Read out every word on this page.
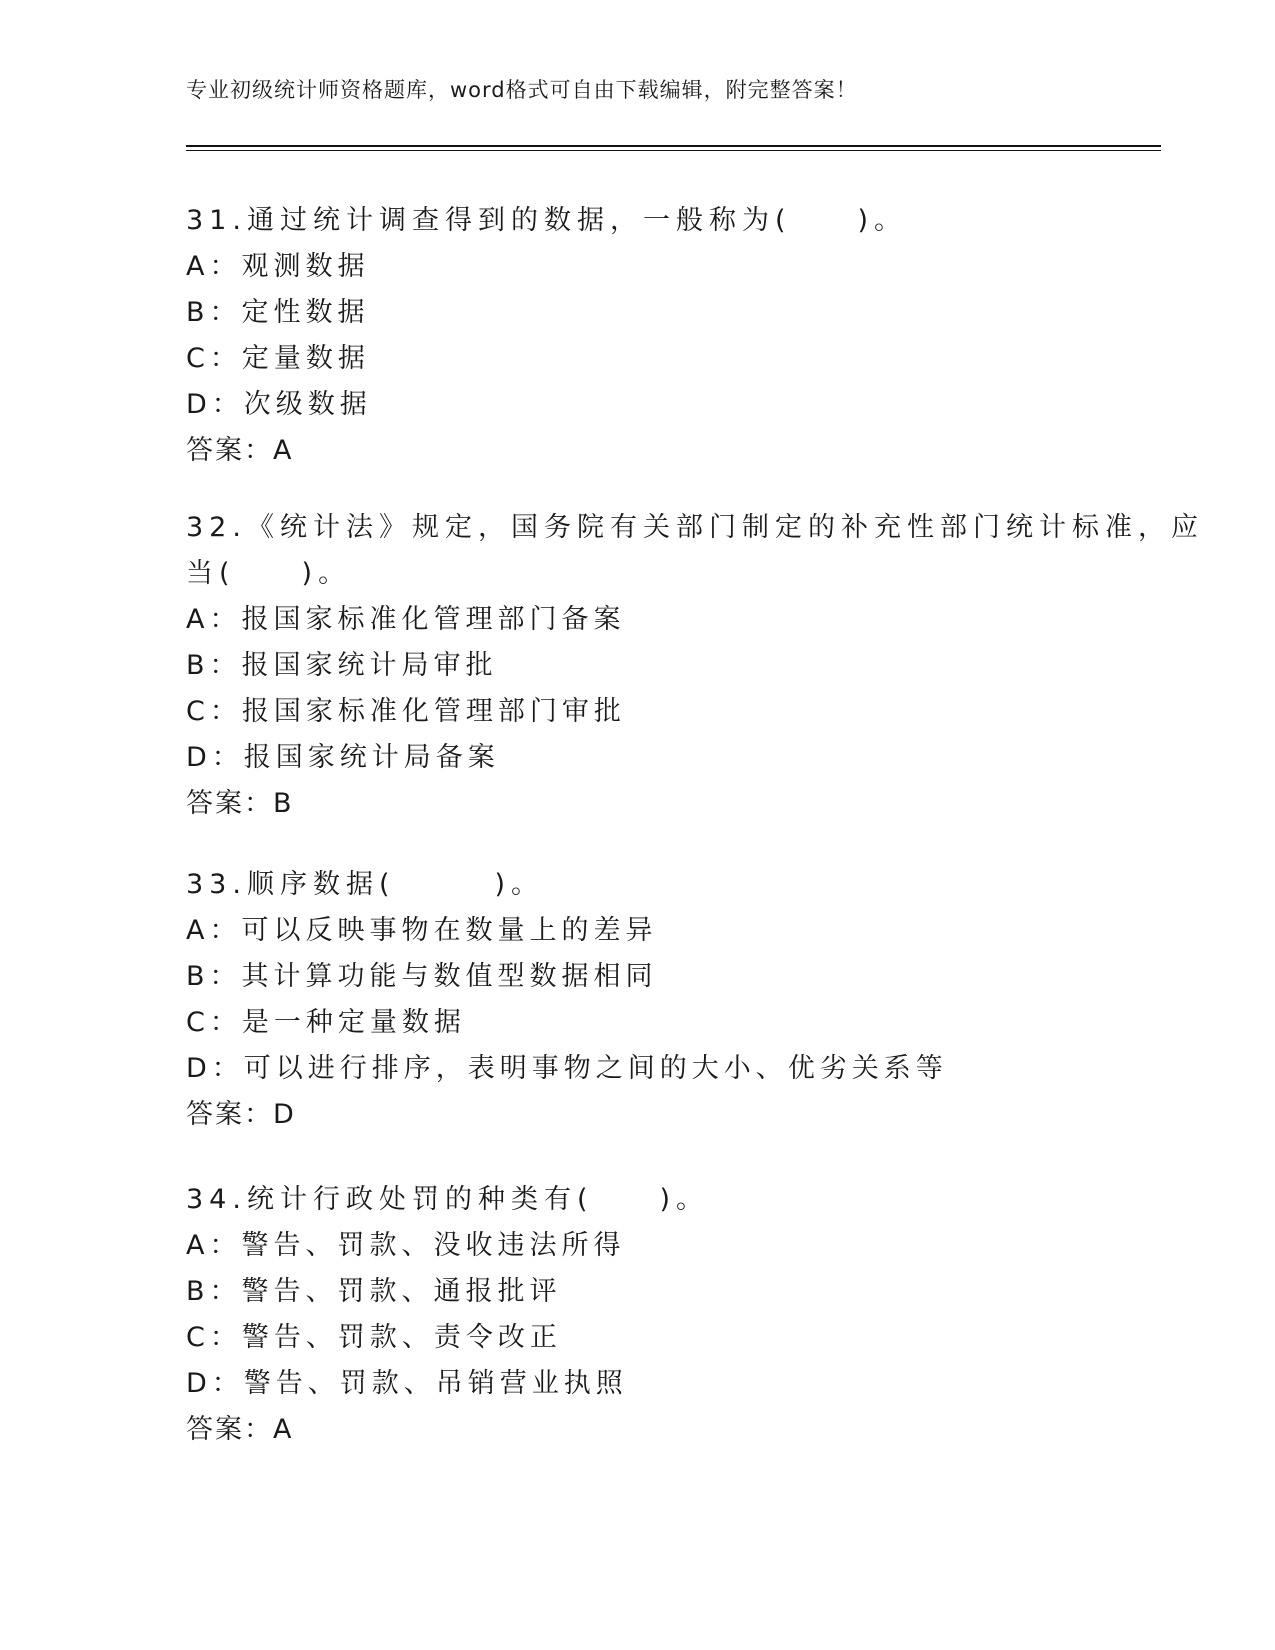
专业初级统计师资格题库，word格式可自由下载编辑，附完整答案！

31.通过统计调查得到的数据，一般称为(　　)。

A：观测数据

B：定性数据

C：定量数据

D：次级数据

答案：A

32.《统计法》规定，国务院有关部门制定的补充性部门统计标准，应

当(　　)。

A：报国家标准化管理部门备案

B：报国家统计局审批

C：报国家标准化管理部门审批

D：报国家统计局备案

答案：B

33.顺序数据(　　　)。

A：可以反映事物在数量上的差异

B：其计算功能与数值型数据相同

C：是一种定量数据

D：可以进行排序，表明事物之间的大小、优劣关系等

答案：D

34.统计行政处罚的种类有(　　)。

A：警告、罚款、没收违法所得

B：警告、罚款、通报批评

C：警告、罚款、责令改正

D：警告、罚款、吊销营业执照

答案：A
